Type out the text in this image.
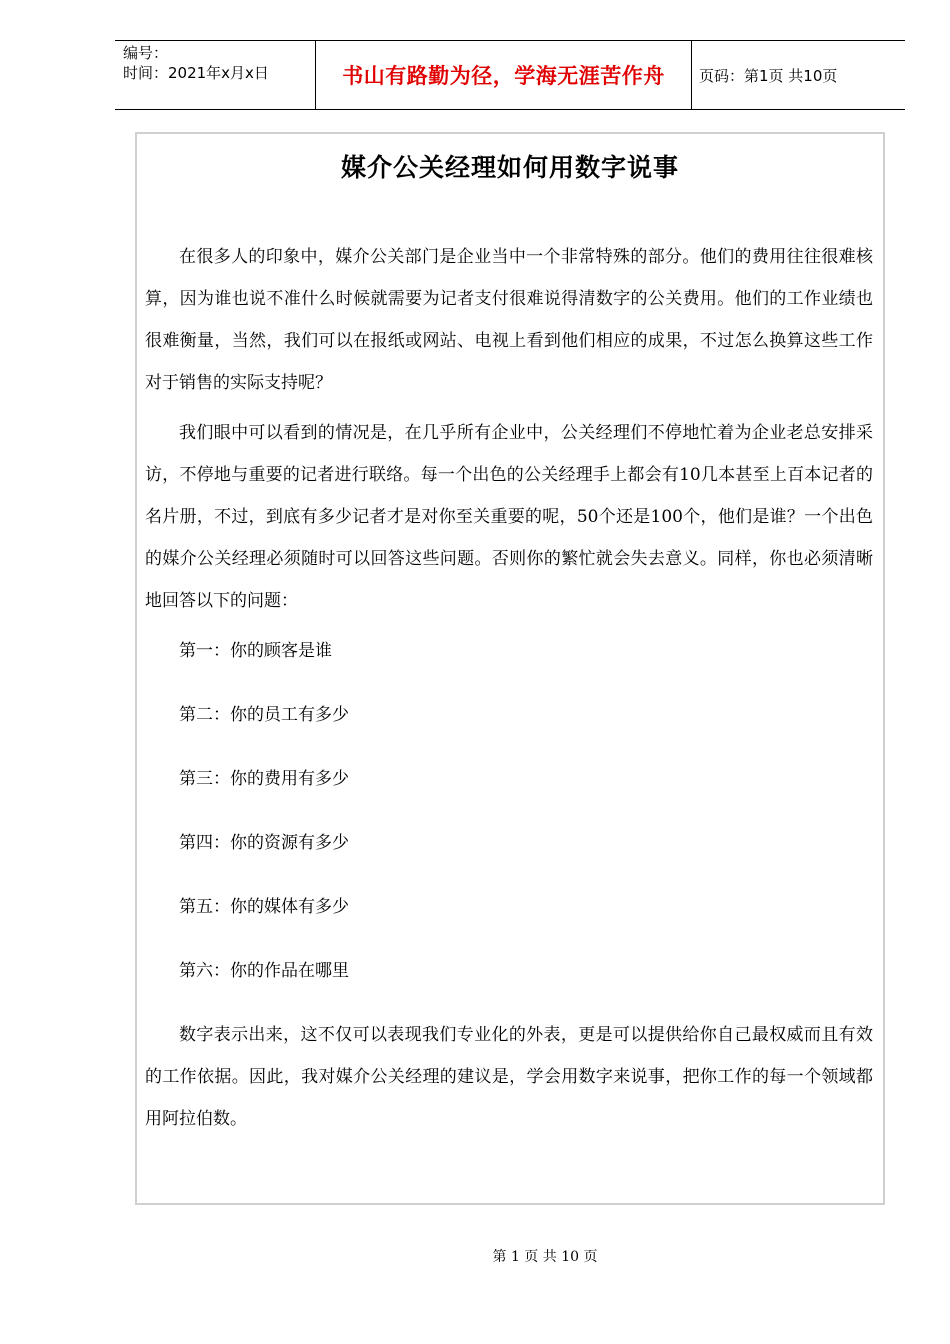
编号：
时间：2021年x月x日	书山有路勤为径，学海无涯苦作舟	页码：第1页 共10页
媒介公关经理如何用数字说事

在很多人的印象中，媒介公关部门是企业当中一个非常特殊的部分。他们的费用往往很难核算，因为谁也说不准什么时候就需要为记者支付很难说得清数字的公关费用。他们的工作业绩也很难衡量，当然，我们可以在报纸或网站、电视上看到他们相应的成果，不过怎么换算这些工作对于销售的实际支持呢？

我们眼中可以看到的情况是，在几乎所有企业中，公关经理们不停地忙着为企业老总安排采访，不停地与重要的记者进行联络。每一个出色的公关经理手上都会有10几本甚至上百本记者的名片册，不过，到底有多少记者才是对你至关重要的呢，50个还是100个，他们是谁？一个出色的媒介公关经理必须随时可以回答这些问题。否则你的繁忙就会失去意义。同样，你也必须清晰地回答以下的问题：

第一：你的顾客是谁
第二：你的员工有多少
第三：你的费用有多少
第四：你的资源有多少
第五：你的媒体有多少
第六：你的作品在哪里

数字表示出来，这不仅可以表现我们专业化的外表，更是可以提供给你自己最权威而且有效的工作依据。因此，我对媒介公关经理的建议是，学会用数字来说事，把你工作的每一个领域都用阿拉伯数。

第 1 页 共 10 页
